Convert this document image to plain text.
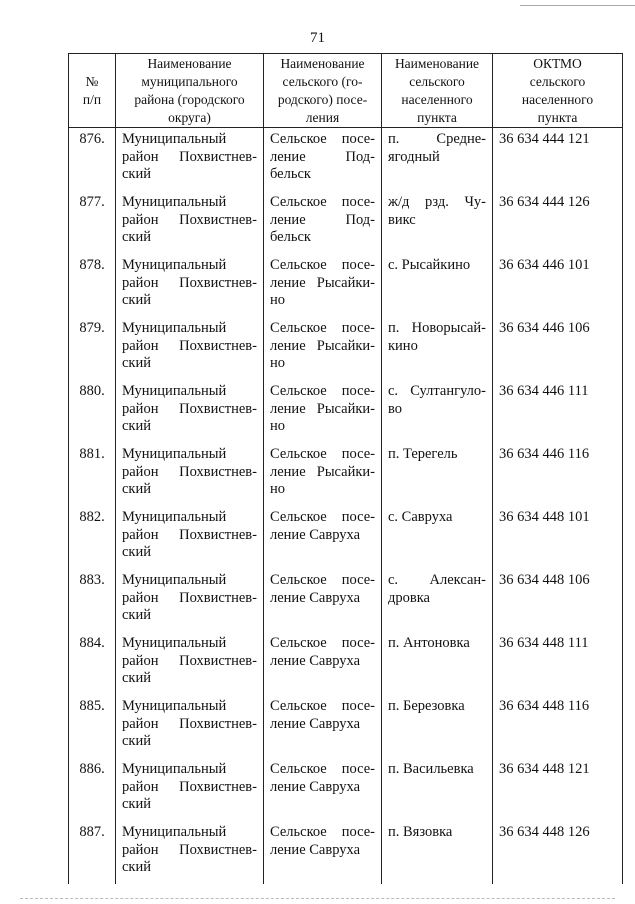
71
№
п/п	Наименование
муниципального
района (городского
округа)	Наименование
сельского (го-
родского) посе-
ления	Наименование
сельского
населенного
пункта	ОКТМО
сельского
населенного
пункта
876.	Муниципальный
район Похвистнев-
ский	Сельское посе-
ление Под-
бельск	п. Средне-
ягодный	36 634 444 121
877.	Муниципальный
район Похвистнев-
ский	Сельское посе-
ление Под-
бельск	ж/д рзд. Чу-
викс	36 634 444 126
878.	Муниципальный
район Похвистнев-
ский	Сельское посе-
ление Рысайки-
но	с. Рысайкино	36 634 446 101
879.	Муниципальный
район Похвистнев-
ский	Сельское посе-
ление Рысайки-
но	п. Новорысай-
кино	36 634 446 106
880.	Муниципальный
район Похвистнев-
ский	Сельское посе-
ление Рысайки-
но	с. Султангуло-
во	36 634 446 111
881.	Муниципальный
район Похвистнев-
ский	Сельское посе-
ление Рысайки-
но	п. Терегель	36 634 446 116
882.	Муниципальный
район Похвистнев-
ский	Сельское посе-
ление Савруха	с. Савруха	36 634 448 101
883.	Муниципальный
район Похвистнев-
ский	Сельское посе-
ление Савруха	с. Алексан-
дровка	36 634 448 106
884.	Муниципальный
район Похвистнев-
ский	Сельское посе-
ление Савруха	п. Антоновка	36 634 448 111
885.	Муниципальный
район Похвистнев-
ский	Сельское посе-
ление Савруха	п. Березовка	36 634 448 116
886.	Муниципальный
район Похвистнев-
ский	Сельское посе-
ление Савруха	п. Васильевка	36 634 448 121
887.	Муниципальный
район Похвистнев-
ский	Сельское посе-
ление Савруха	п. Вязовка	36 634 448 126
